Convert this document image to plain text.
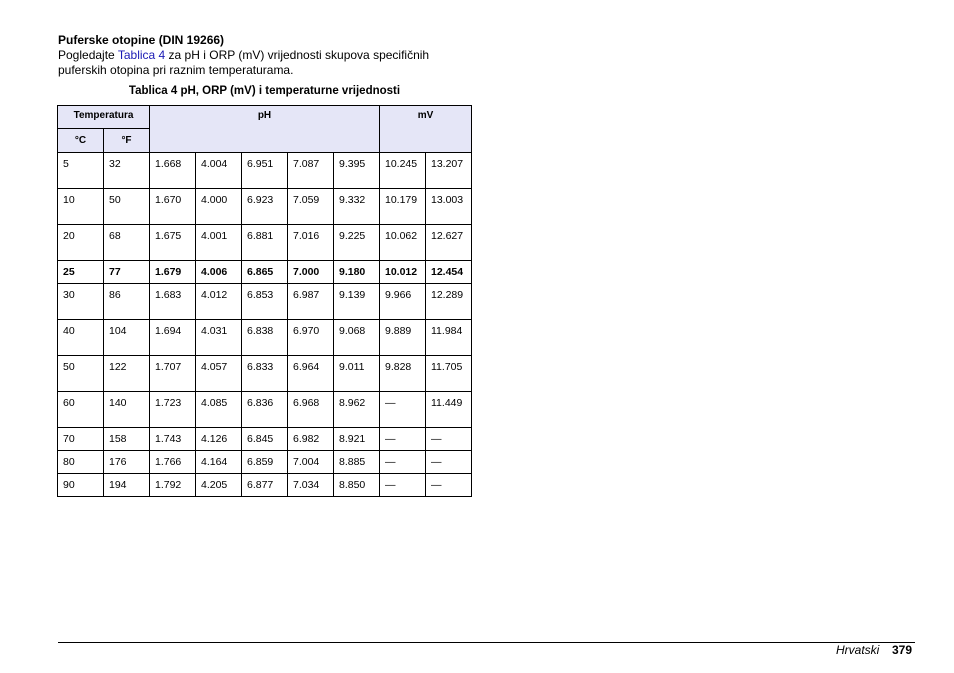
Puferske otopine (DIN 19266)

Pogledajte Tablica 4 za pH i ORP (mV) vrijednosti skupova specifičnih puferskih otopina pri raznim temperaturama.

Tablica 4 pH, ORP (mV) i temperaturne vrijednosti
Temperatura		pH					mV	
°C	°F							
5	32	1.668	4.004	6.951	7.087	9.395	10.245	13.207
10	50	1.670	4.000	6.923	7.059	9.332	10.179	13.003
20	68	1.675	4.001	6.881	7.016	9.225	10.062	12.627
25	77	1.679	4.006	6.865	7.000	9.180	10.012	12.454
30	86	1.683	4.012	6.853	6.987	9.139	9.966	12.289
40	104	1.694	4.031	6.838	6.970	9.068	9.889	11.984
50	122	1.707	4.057	6.833	6.964	9.011	9.828	11.705
60	140	1.723	4.085	6.836	6.968	8.962	—	11.449
70	158	1.743	4.126	6.845	6.982	8.921	—	—
80	176	1.766	4.164	6.859	7.004	8.885	—	—
90	194	1.792	4.205	6.877	7.034	8.850	—	—
Hrvatski 379
